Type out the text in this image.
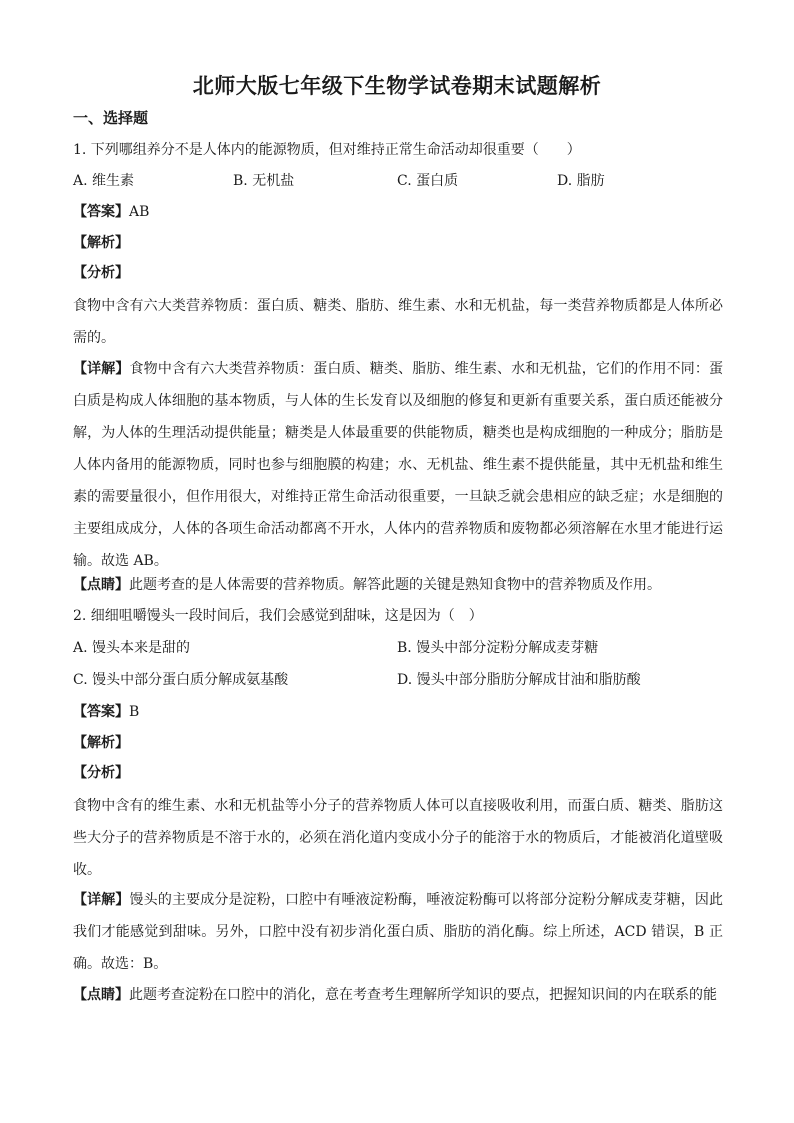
北师大版七年级下生物学试卷期末试题解析
一、选择题
1. 下列哪组养分不是人体内的能源物质，但对维持正常生命活动却很重要（　　）
A. 维生素	B. 无机盐	C. 蛋白质	D. 脂肪
【答案】AB
【解析】
【分析】
食物中含有六大类营养物质：蛋白质、糖类、脂肪、维生素、水和无机盐，每一类营养物质都是人体所必需的。
【详解】食物中含有六大类营养物质：蛋白质、糖类、脂肪、维生素、水和无机盐，它们的作用不同：蛋白质是构成人体细胞的基本物质，与人体的生长发育以及细胞的修复和更新有重要关系，蛋白质还能被分解，为人体的生理活动提供能量；糖类是人体最重要的供能物质，糖类也是构成细胞的一种成分；脂肪是人体内备用的能源物质，同时也参与细胞膜的构建；水、无机盐、维生素不提供能量，其中无机盐和维生素的需要量很小，但作用很大，对维持正常生命活动很重要，一旦缺乏就会患相应的缺乏症；水是细胞的主要组成成分，人体的各项生命活动都离不开水，人体内的营养物质和废物都必须溶解在水里才能进行运输。故选 AB。
【点睛】此题考查的是人体需要的营养物质。解答此题的关键是熟知食物中的营养物质及作用。
2. 细细咀嚼馒头一段时间后，我们会感觉到甜味，这是因为（　）
A. 馒头本来是甜的	B. 馒头中部分淀粉分解成麦芽糖
C. 馒头中部分蛋白质分解成氨基酸	D. 馒头中部分脂肪分解成甘油和脂肪酸
【答案】B
【解析】
【分析】
食物中含有的维生素、水和无机盐等小分子的营养物质人体可以直接吸收利用，而蛋白质、糖类、脂肪这些大分子的营养物质是不溶于水的，必须在消化道内变成小分子的能溶于水的物质后，才能被消化道壁吸收。
【详解】馒头的主要成分是淀粉，口腔中有唾液淀粉酶，唾液淀粉酶可以将部分淀粉分解成麦芽糖，因此我们才能感觉到甜味。另外，口腔中没有初步消化蛋白质、脂肪的消化酶。综上所述，ACD 错误，B 正确。故选：B。
【点睛】此题考查淀粉在口腔中的消化，意在考查考生理解所学知识的要点，把握知识间的内在联系的能
